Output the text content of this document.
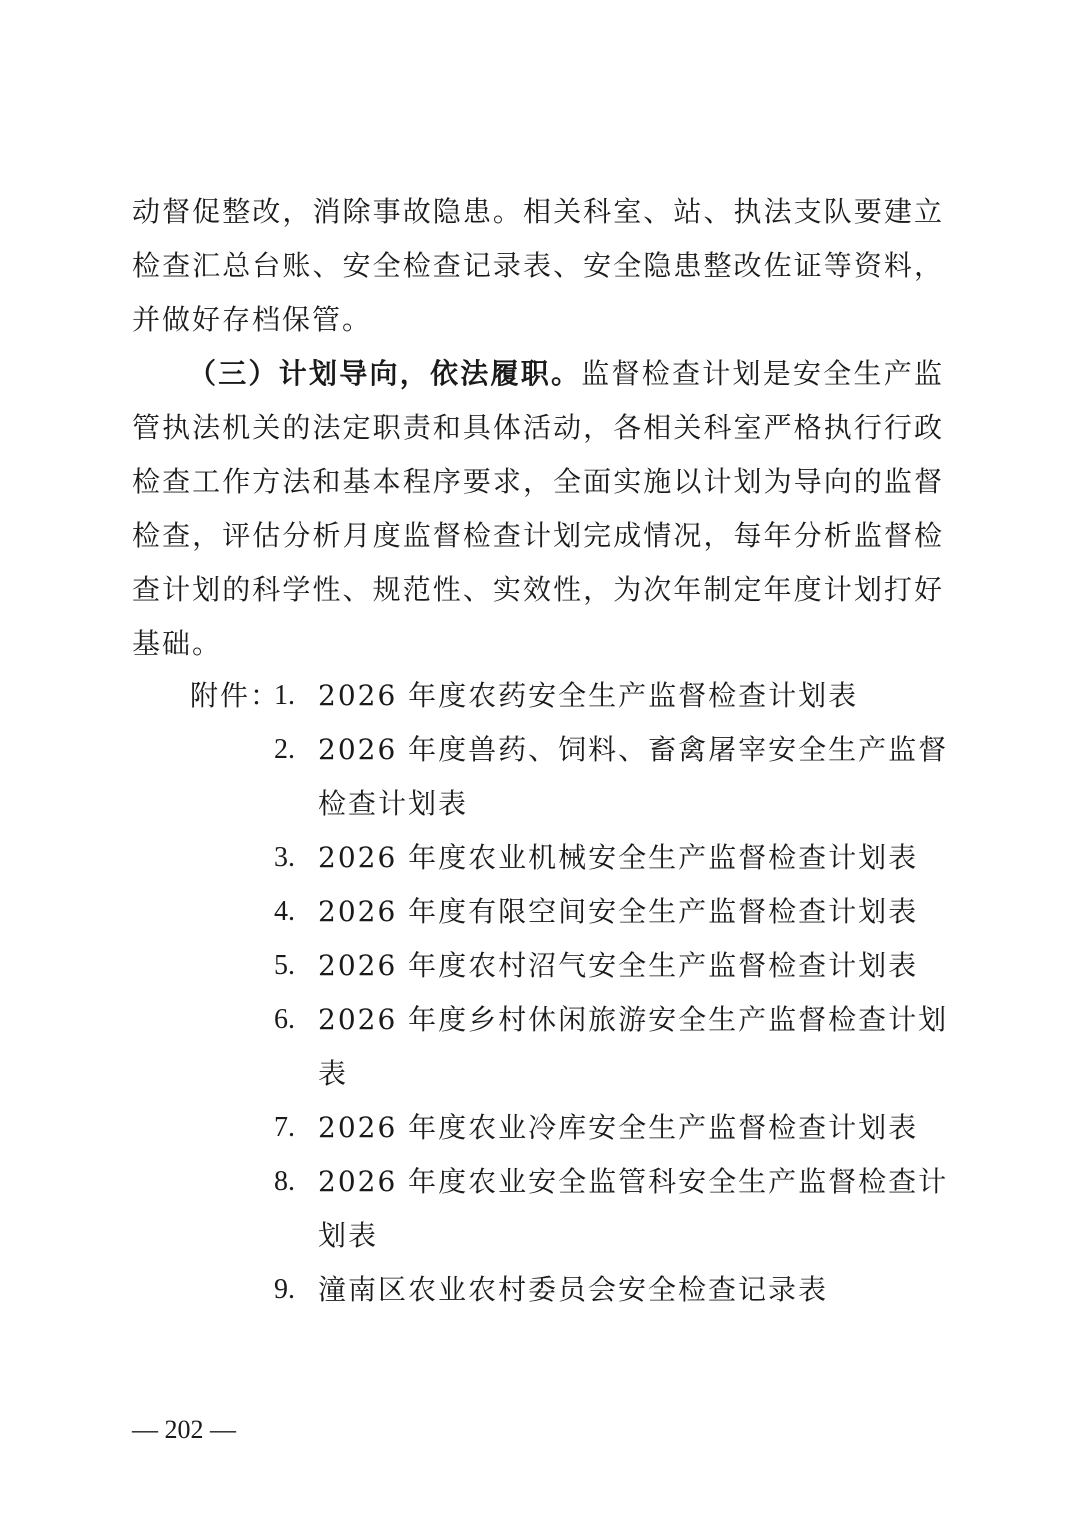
动督促整改，消除事故隐患。相关科室、站、执法支队要建立检查汇总台账、安全检查记录表、安全隐患整改佐证等资料，并做好存档保管。

（三）计划导向，依法履职。监督检查计划是安全生产监管执法机关的法定职责和具体活动，各相关科室严格执行行政检查工作方法和基本程序要求，全面实施以计划为导向的监督检查，评估分析月度监督检查计划完成情况，每年分析监督检查计划的科学性、规范性、实效性，为次年制定年度计划打好基础。

附件：
1. 2026 年度农药安全生产监督检查计划表
2. 2026 年度兽药、饲料、畜禽屠宰安全生产监督检查计划表
3. 2026 年度农业机械安全生产监督检查计划表
4. 2026 年度有限空间安全生产监督检查计划表
5. 2026 年度农村沼气安全生产监督检查计划表
6. 2026 年度乡村休闲旅游安全生产监督检查计划表
7. 2026 年度农业冷库安全生产监督检查计划表
8. 2026 年度农业安全监管科安全生产监督检查计划表
9. 潼南区农业农村委员会安全检查记录表
— 202 —
